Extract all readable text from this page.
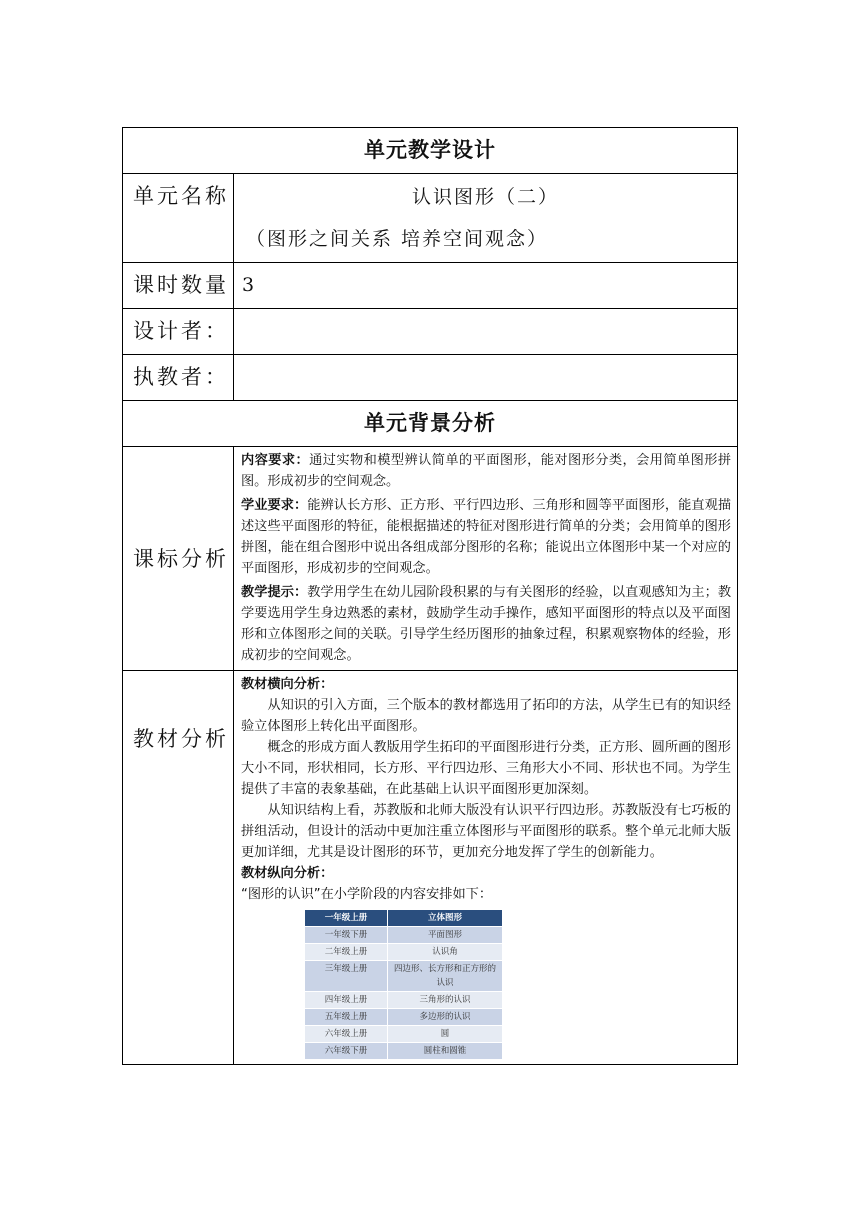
单元教学设计
单元名称	认识图形（二）
（图形之间关系 培养空间观念）

课时数量	3
设计者：	
执教者：	
单元背景分析
课标分析	

内容要求：通过实物和模型辨认简单的平面图形，能对图形分类，会用简单图形拼图。形成初步的空间观念。

学业要求：能辨认长方形、正方形、平行四边形、三角形和圆等平面图形，能直观描述这些平面图形的特征，能根据描述的特征对图形进行简单的分类；会用简单的图形拼图，能在组合图形中说出各组成部分图形的名称；能说出立体图形中某一个对应的平面图形，形成初步的空间观念。

教学提示：教学用学生在幼儿园阶段积累的与有关图形的经验，以直观感知为主；教学要选用学生身边熟悉的素材，鼓励学生动手操作，感知平面图形的特点以及平面图形和立体图形之间的关联。引导学生经历图形的抽象过程，积累观察物体的经验，形成初步的空间观念。

教材分析	

教材横向分析：

从知识的引入方面，三个版本的教材都选用了拓印的方法，从学生已有的知识经验立体图形上转化出平面图形。

概念的形成方面人教版用学生拓印的平面图形进行分类，正方形、圆所画的图形大小不同，形状相同，长方形、平行四边形、三角形大小不同、形状也不同。为学生提供了丰富的表象基础，在此基础上认识平面图形更加深刻。

从知识结构上看，苏教版和北师大版没有认识平行四边形。苏教版没有七巧板的拼组活动，但设计的活动中更加注重立体图形与平面图形的联系。整个单元北师大版更加详细，尤其是设计图形的环节，更加充分地发挥了学生的创新能力。

教材纵向分析：

“图形的认识”在小学阶段的内容安排如下：

一年级上册	立体图形
一年级下册	平面图形
二年级上册	认识角
三年级上册	四边形、长方形和正方形的认识
四年级上册	三角形的认识
五年级上册	多边形的认识
六年级上册	圆
六年级下册	圆柱和圆锥
